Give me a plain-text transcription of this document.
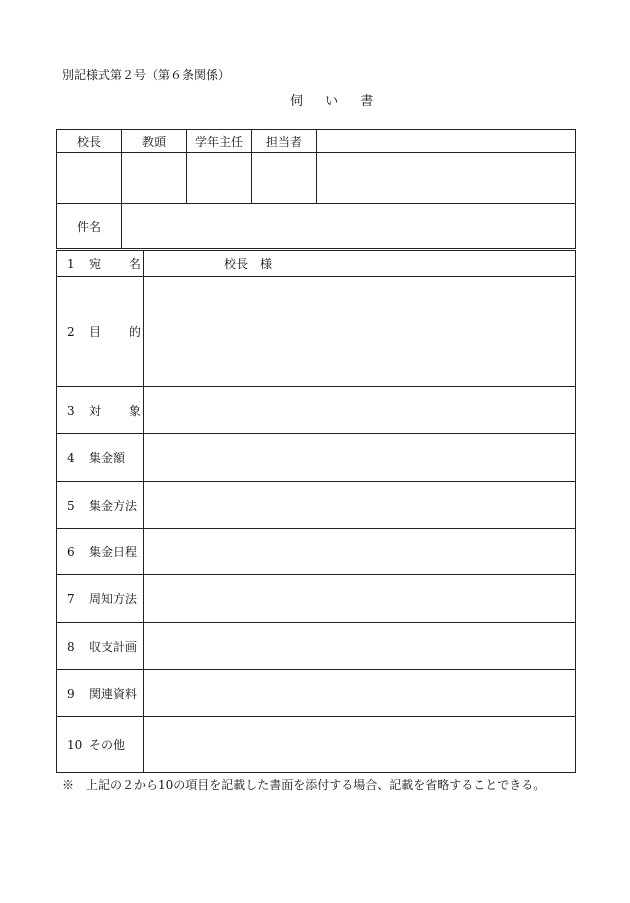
別記様式第２号（第６条関係）
伺 い 書
校長	教頭	学年主任	担当者	

件名				
1 宛 名	校長　様
2 目 的	
3 対 象	
4 集金額	
5 集金方法	
6 集金日程	
7 周知方法	
8 収支計画	
9 関連資料	
10 その他	
※　上記の２から10の項目を記載した書面を添付する場合、記載を省略することできる。
